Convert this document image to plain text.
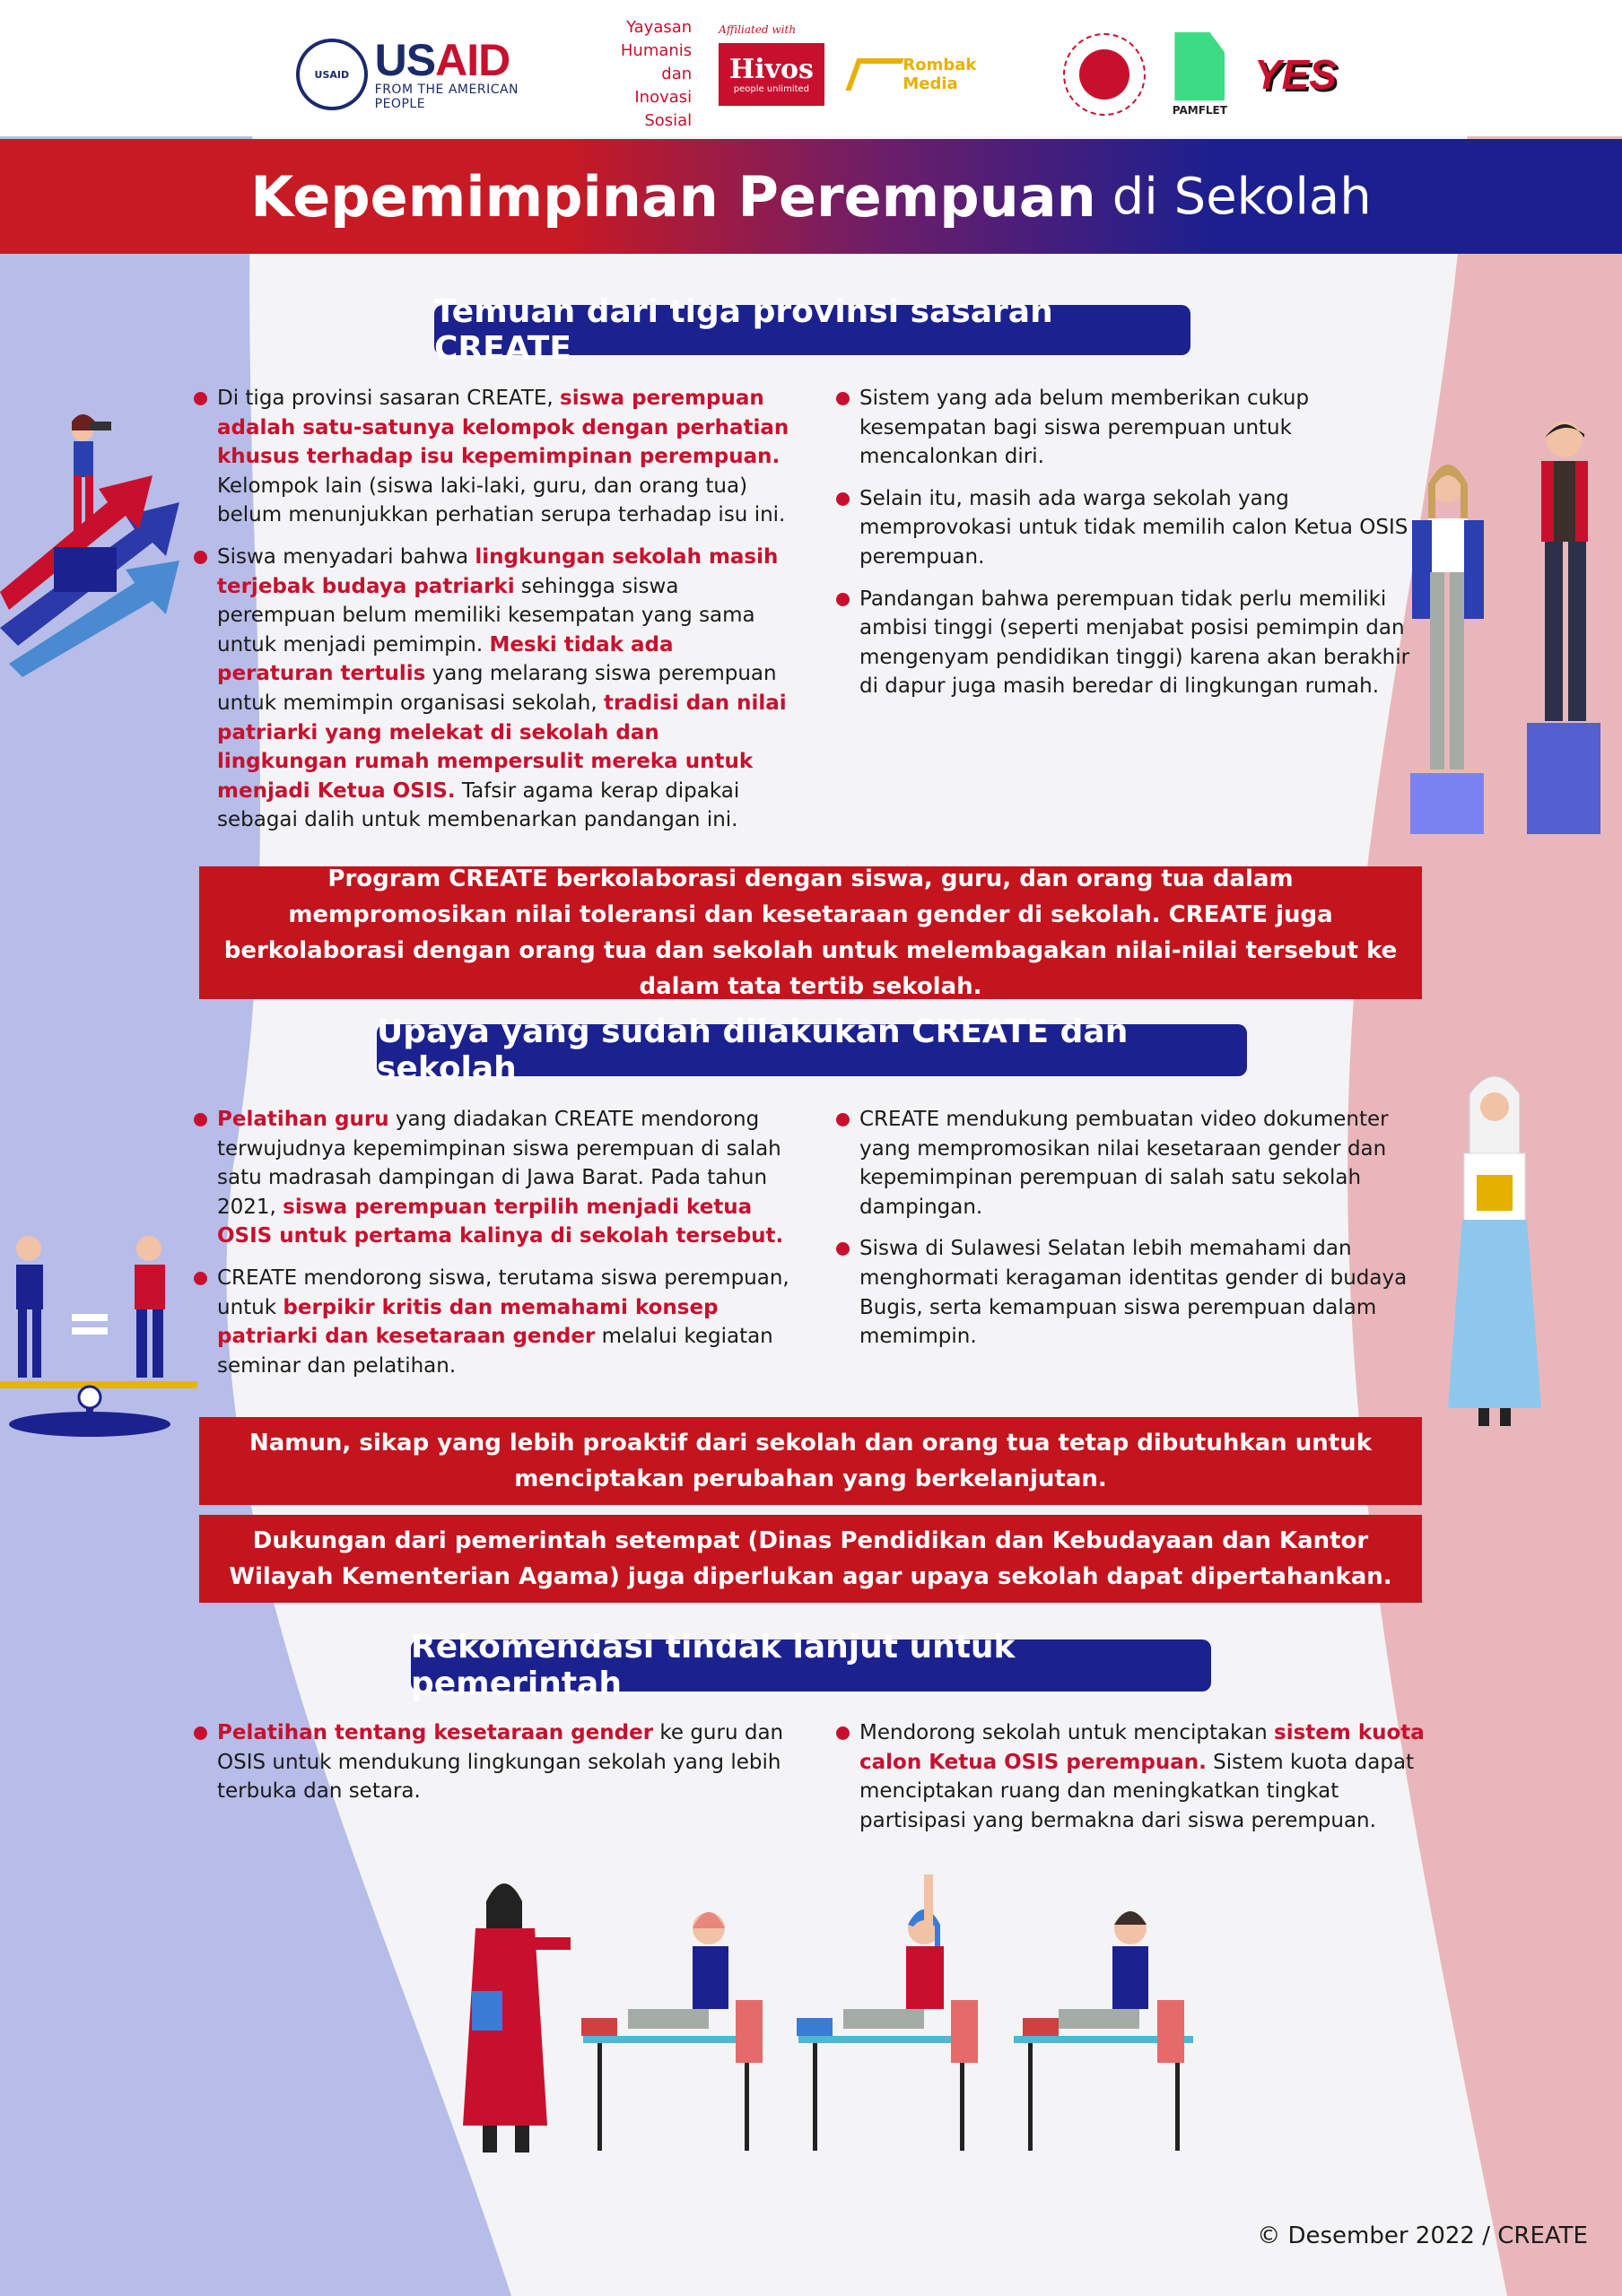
USAID USAID
FROM THE AMERICAN PEOPLE
Yayasan
Humanis
dan Inovasi
Sosial
Affiliated with
Hivos
people unlimited
Rombak Media
PAMFLET
YES
Kepemimpinan Perempuan di Sekolah
Temuan dari tiga provinsi sasaran CREATE
Di tiga provinsi sasaran CREATE, siswa perempuan adalah satu-satunya kelompok dengan perhatian khusus terhadap isu kepemimpinan perempuan. Kelompok lain (siswa laki-laki, guru, dan orang tua) belum menunjukkan perhatian serupa terhadap isu ini.
Siswa menyadari bahwa lingkungan sekolah masih terjebak budaya patriarki sehingga siswa perempuan belum memiliki kesempatan yang sama untuk menjadi pemimpin. Meski tidak ada peraturan tertulis yang melarang siswa perempuan untuk memimpin organisasi sekolah, tradisi dan nilai patriarki yang melekat di sekolah dan lingkungan rumah mempersulit mereka untuk menjadi Ketua OSIS. Tafsir agama kerap dipakai sebagai dalih untuk membenarkan pandangan ini.
Sistem yang ada belum memberikan cukup kesempatan bagi siswa perempuan untuk mencalonkan diri.
Selain itu, masih ada warga sekolah yang memprovokasi untuk tidak memilih calon Ketua OSIS perempuan.
Pandangan bahwa perempuan tidak perlu memiliki ambisi tinggi (seperti menjabat posisi pemimpin dan mengenyam pendidikan tinggi) karena akan berakhir di dapur juga masih beredar di lingkungan rumah.
Program CREATE berkolaborasi dengan siswa, guru, dan orang tua dalam mempromosikan nilai toleransi dan kesetaraan gender di sekolah. CREATE juga berkolaborasi dengan orang tua dan sekolah untuk melembagakan nilai-nilai tersebut ke dalam tata tertib sekolah.
Upaya yang sudah dilakukan CREATE dan sekolah
Pelatihan guru yang diadakan CREATE mendorong terwujudnya kepemimpinan siswa perempuan di salah satu madrasah dampingan di Jawa Barat. Pada tahun 2021, siswa perempuan terpilih menjadi ketua OSIS untuk pertama kalinya di sekolah tersebut.
CREATE mendorong siswa, terutama siswa perempuan, untuk berpikir kritis dan memahami konsep patriarki dan kesetaraan gender melalui kegiatan seminar dan pelatihan.
CREATE mendukung pembuatan video dokumenter yang mempromosikan nilai kesetaraan gender dan kepemimpinan perempuan di salah satu sekolah dampingan.
Siswa di Sulawesi Selatan lebih memahami dan menghormati keragaman identitas gender di budaya Bugis, serta kemampuan siswa perempuan dalam memimpin.
Namun, sikap yang lebih proaktif dari sekolah dan orang tua tetap dibutuhkan untuk menciptakan perubahan yang berkelanjutan.
Dukungan dari pemerintah setempat (Dinas Pendidikan dan Kebudayaan dan Kantor Wilayah Kementerian Agama) juga diperlukan agar upaya sekolah dapat dipertahankan.
Rekomendasi tindak lanjut untuk pemerintah
Pelatihan tentang kesetaraan gender ke guru dan OSIS untuk mendukung lingkungan sekolah yang lebih terbuka dan setara.
Mendorong sekolah untuk menciptakan sistem kuota calon Ketua OSIS perempuan. Sistem kuota dapat menciptakan ruang dan meningkatkan tingkat partisipasi yang bermakna dari siswa perempuan.
© Desember 2022 / CREATE
